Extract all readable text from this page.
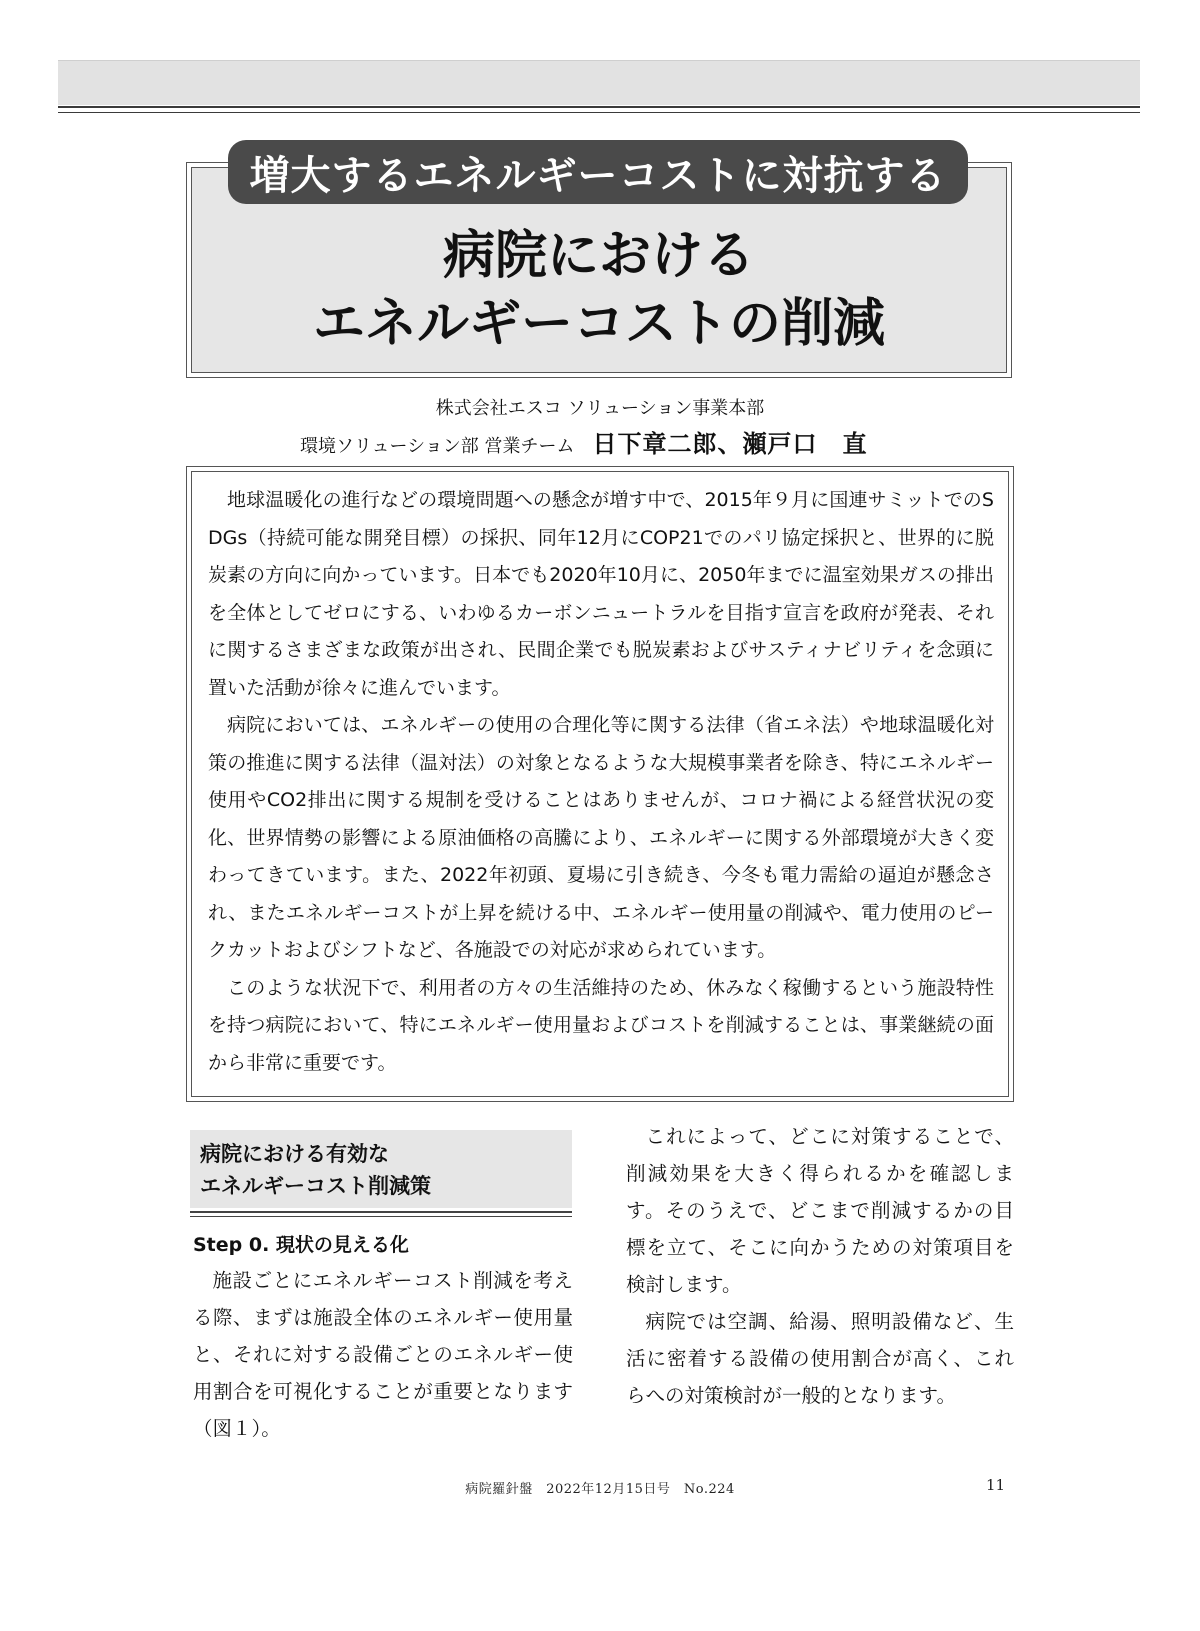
増大するエネルギーコストに対抗する
病院における
エネルギーコストの削減
株式会社エスコ ソリューション事業本部
環境ソリューション部 営業チーム 日下章二郎、瀬戸口　直

地球温暖化の進行などの環境問題への懸念が増す中で、2015年９月に国連サミットでのSDGs（持続可能な開発目標）の採択、同年12月にCOP21でのパリ協定採択と、世界的に脱炭素の方向に向かっています。日本でも2020年10月に、2050年までに温室効果ガスの排出を全体としてゼロにする、いわゆるカーボンニュートラルを目指す宣言を政府が発表、それに関するさまざまな政策が出され、民間企業でも脱炭素およびサスティナビリティを念頭に置いた活動が徐々に進んでいます。

病院においては、エネルギーの使用の合理化等に関する法律（省エネ法）や地球温暖化対策の推進に関する法律（温対法）の対象となるような大規模事業者を除き、特にエネルギー使用やCO2排出に関する規制を受けることはありませんが、コロナ禍による経営状況の変化、世界情勢の影響による原油価格の高騰により、エネルギーに関する外部環境が大きく変わってきています。また、2022年初頭、夏場に引き続き、今冬も電力需給の逼迫が懸念され、またエネルギーコストが上昇を続ける中、エネルギー使用量の削減や、電力使用のピークカットおよびシフトなど、各施設での対応が求められています。

このような状況下で、利用者の方々の生活維持のため、休みなく稼働するという施設特性を持つ病院において、特にエネルギー使用量およびコストを削減することは、事業継続の面から非常に重要です。

病院における有効な
エネルギーコスト削減策
Step 0. 現状の見える化

施設ごとにエネルギーコスト削減を考える際、まずは施設全体のエネルギー使用量と、それに対する設備ごとのエネルギー使用割合を可視化することが重要となります（図１）。

これによって、どこに対策することで、削減効果を大きく得られるかを確認します。そのうえで、どこまで削減するかの目標を立て、そこに向かうための対策項目を検討します。

病院では空調、給湯、照明設備など、生活に密着する設備の使用割合が高く、これらへの対策検討が一般的となります。

病院羅針盤　2022年12月15日号　No.224	11
